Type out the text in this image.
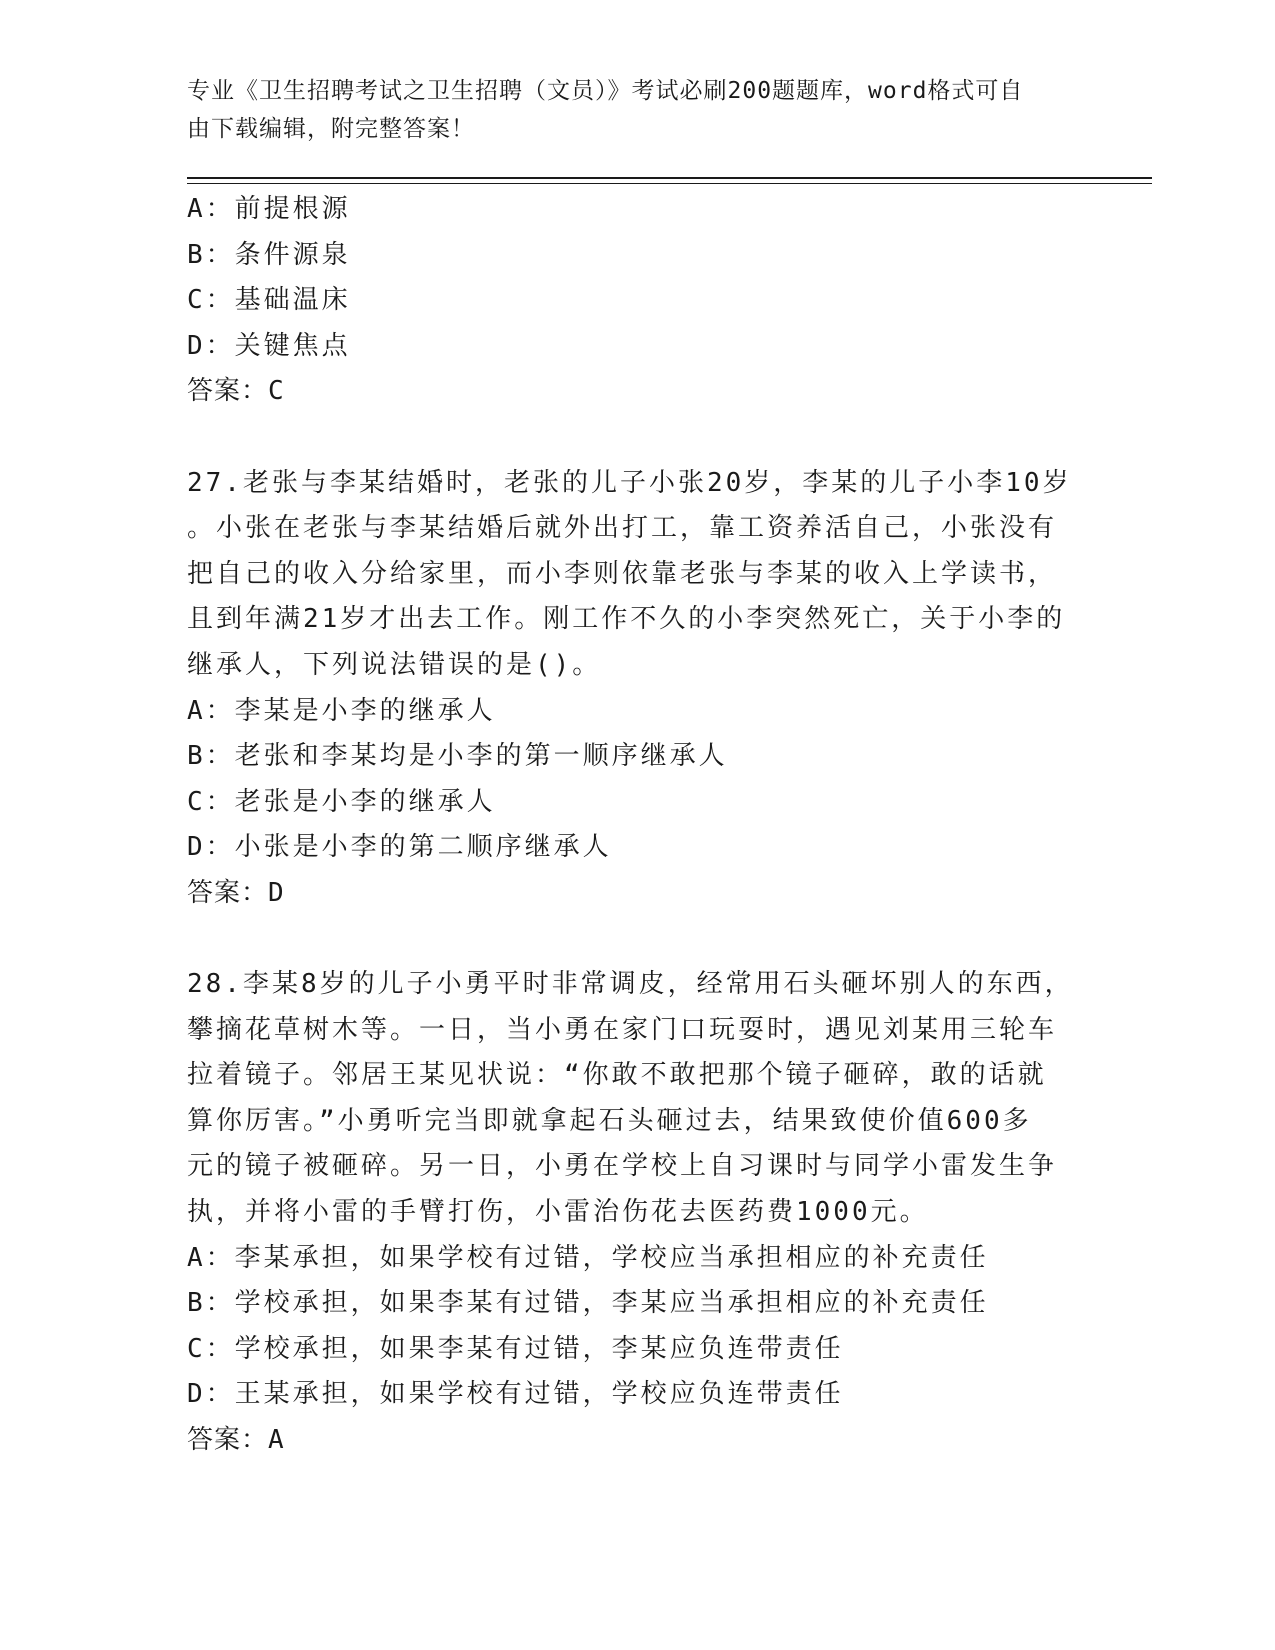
专业《卫生招聘考试之卫生招聘（文员）》考试必刷200题题库，word格式可自
由下载编辑，附完整答案！
A：前提根源
B：条件源泉
C：基础温床
D：关键焦点
答案：C
27.老张与李某结婚时，老张的儿子小张20岁，李某的儿子小李10岁
。小张在老张与李某结婚后就外出打工，靠工资养活自己，小张没有
把自己的收入分给家里，而小李则依靠老张与李某的收入上学读书，
且到年满21岁才出去工作。刚工作不久的小李突然死亡，关于小李的
继承人，下列说法错误的是()。
A：李某是小李的继承人
B：老张和李某均是小李的第一顺序继承人
C：老张是小李的继承人
D：小张是小李的第二顺序继承人
答案：D
28.李某8岁的儿子小勇平时非常调皮，经常用石头砸坏别人的东西，
攀摘花草树木等。一日，当小勇在家门口玩耍时，遇见刘某用三轮车
拉着镜子。邻居王某见状说：“你敢不敢把那个镜子砸碎，敢的话就
算你厉害。”小勇听完当即就拿起石头砸过去，结果致使价值600多
元的镜子被砸碎。另一日，小勇在学校上自习课时与同学小雷发生争
执，并将小雷的手臂打伤，小雷治伤花去医药费1000元。
A：李某承担，如果学校有过错，学校应当承担相应的补充责任
B：学校承担，如果李某有过错，李某应当承担相应的补充责任
C：学校承担，如果李某有过错，李某应负连带责任
D：王某承担，如果学校有过错，学校应负连带责任
答案：A
